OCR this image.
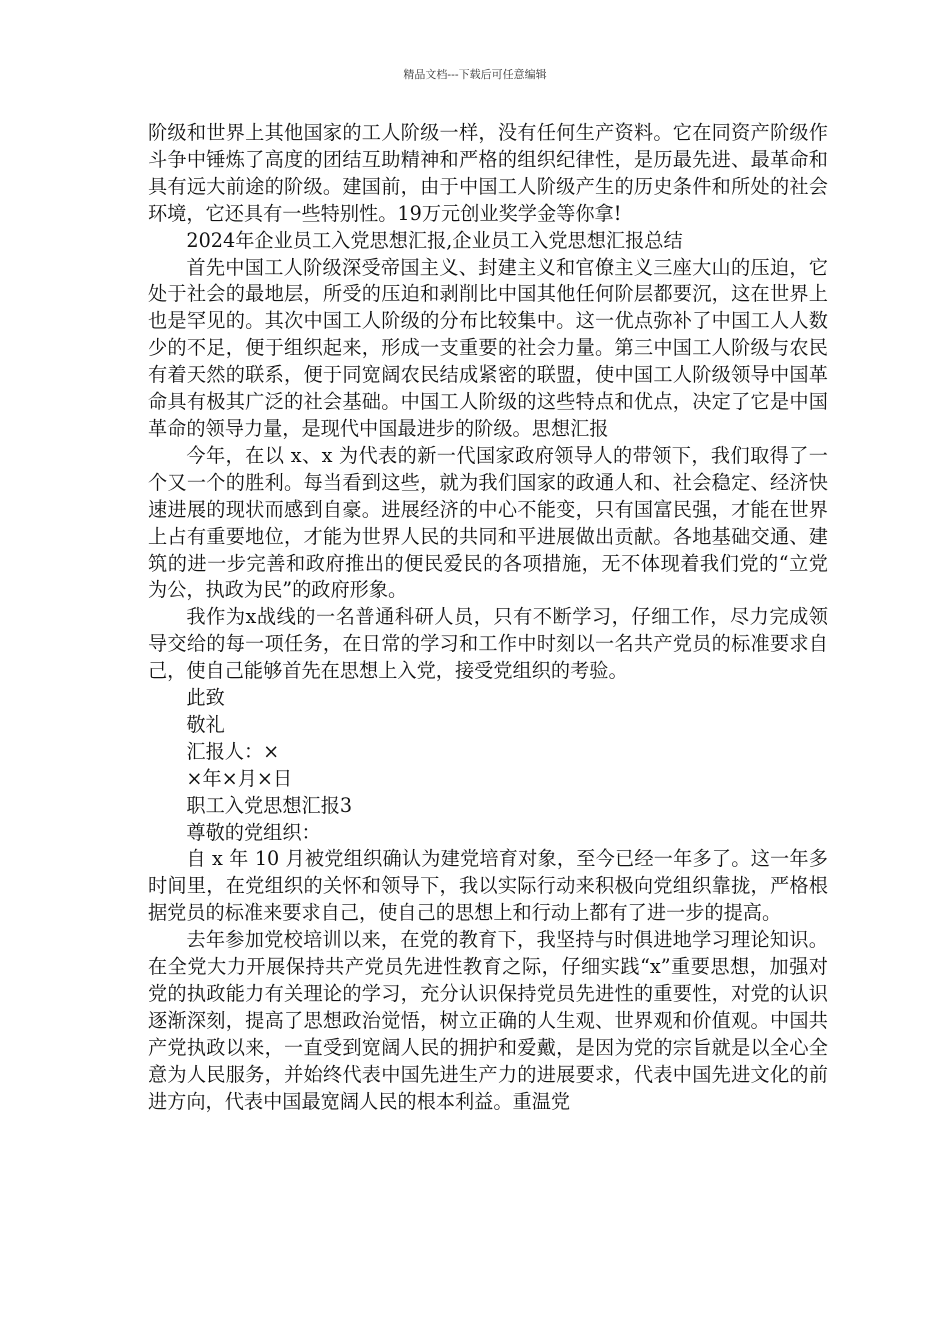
精品文档---下载后可任意编辑

阶级和世界上其他国家的工人阶级一样，没有任何生产资料。它在同资产阶级作斗争中锤炼了高度的团结互助精神和严格的组织纪律性，是历最先进、最革命和具有远大前途的阶级。建国前，由于中国工人阶级产生的历史条件和所处的社会环境，它还具有一些特别性。19万元创业奖学金等你拿!

2024年企业员工入党思想汇报,企业员工入党思想汇报总结

首先中国工人阶级深受帝国主义、封建主义和官僚主义三座大山的压迫，它处于社会的最地层，所受的压迫和剥削比中国其他任何阶层都要沉，这在世界上也是罕见的。其次中国工人阶级的分布比较集中。这一优点弥补了中国工人人数少的不足，便于组织起来，形成一支重要的社会力量。第三中国工人阶级与农民有着天然的联系，便于同宽阔农民结成紧密的联盟，使中国工人阶级领导中国革命具有极其广泛的社会基础。中国工人阶级的这些特点和优点，决定了它是中国革命的领导力量，是现代中国最进步的阶级。思想汇报

今年，在以 x、x 为代表的新一代国家政府领导人的带领下，我们取得了一个又一个的胜利。每当看到这些，就为我们国家的政通人和、社会稳定、经济快速进展的现状而感到自豪。进展经济的中心不能变，只有国富民强，才能在世界上占有重要地位，才能为世界人民的共同和平进展做出贡献。各地基础交通、建筑的进一步完善和政府推出的便民爱民的各项措施，无不体现着我们党的“立党为公，执政为民”的政府形象。

我作为x战线的一名普通科研人员，只有不断学习，仔细工作，尽力完成领导交给的每一项任务，在日常的学习和工作中时刻以一名共产党员的标准要求自己，使自己能够首先在思想上入党，接受党组织的考验。

此致

敬礼

汇报人：×

×年×月×日

职工入党思想汇报3

尊敬的党组织：

自 x 年 10 月被党组织确认为建党培育对象，至今已经一年多了。这一年多时间里，在党组织的关怀和领导下，我以实际行动来积极向党组织靠拢，严格根据党员的标准来要求自己，使自己的思想上和行动上都有了进一步的提高。

去年参加党校培训以来，在党的教育下，我坚持与时俱进地学习理论知识。在全党大力开展保持共产党员先进性教育之际，仔细实践“x”重要思想，加强对党的执政能力有关理论的学习，充分认识保持党员先进性的重要性，对党的认识逐渐深刻，提高了思想政治觉悟，树立正确的人生观、世界观和价值观。中国共产党执政以来，一直受到宽阔人民的拥护和爱戴，是因为党的宗旨就是以全心全意为人民服务，并始终代表中国先进生产力的进展要求，代表中国先进文化的前进方向，代表中国最宽阔人民的根本利益。重温党
